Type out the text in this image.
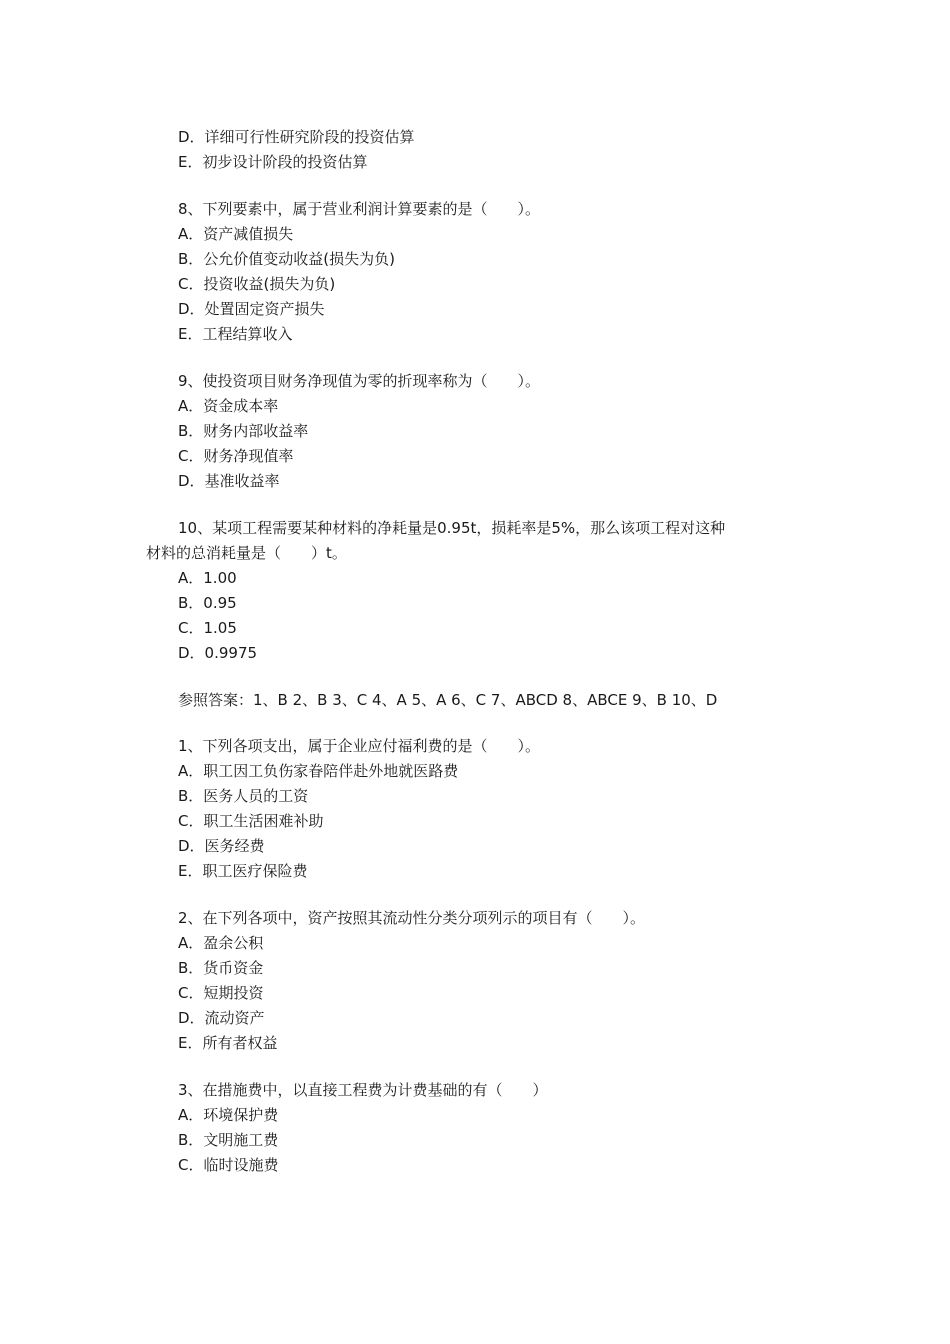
D．详细可行性研究阶段的投资估算
E．初步设计阶段的投资估算
8、下列要素中，属于营业利润计算要素的是（　　）。
A．资产减值损失
B．公允价值变动收益(损失为负)
C．投资收益(损失为负)
D．处置固定资产损失
E．工程结算收入
9、使投资项目财务净现值为零的折现率称为（　　）。
A．资金成本率
B．财务内部收益率
C．财务净现值率
D．基准收益率
10、某项工程需要某种材料的净耗量是0.95t，损耗率是5%，那么该项工程对这种
材料的总消耗量是（　　）t。
A．1.00
B．0.95
C．1.05
D．0.9975
参照答案：1、B 2、B 3、C 4、A 5、A 6、C 7、ABCD 8、ABCE 9、B 10、D
1、下列各项支出，属于企业应付福利费的是（　　）。
A．职工因工负伤家眷陪伴赴外地就医路费
B．医务人员的工资
C．职工生活困难补助
D．医务经费
E．职工医疗保险费
2、在下列各项中，资产按照其流动性分类分项列示的项目有（　　）。
A．盈余公积
B．货币资金
C．短期投资
D．流动资产
E．所有者权益
3、在措施费中，以直接工程费为计费基础的有（　　）
A．环境保护费
B．文明施工费
C．临时设施费
